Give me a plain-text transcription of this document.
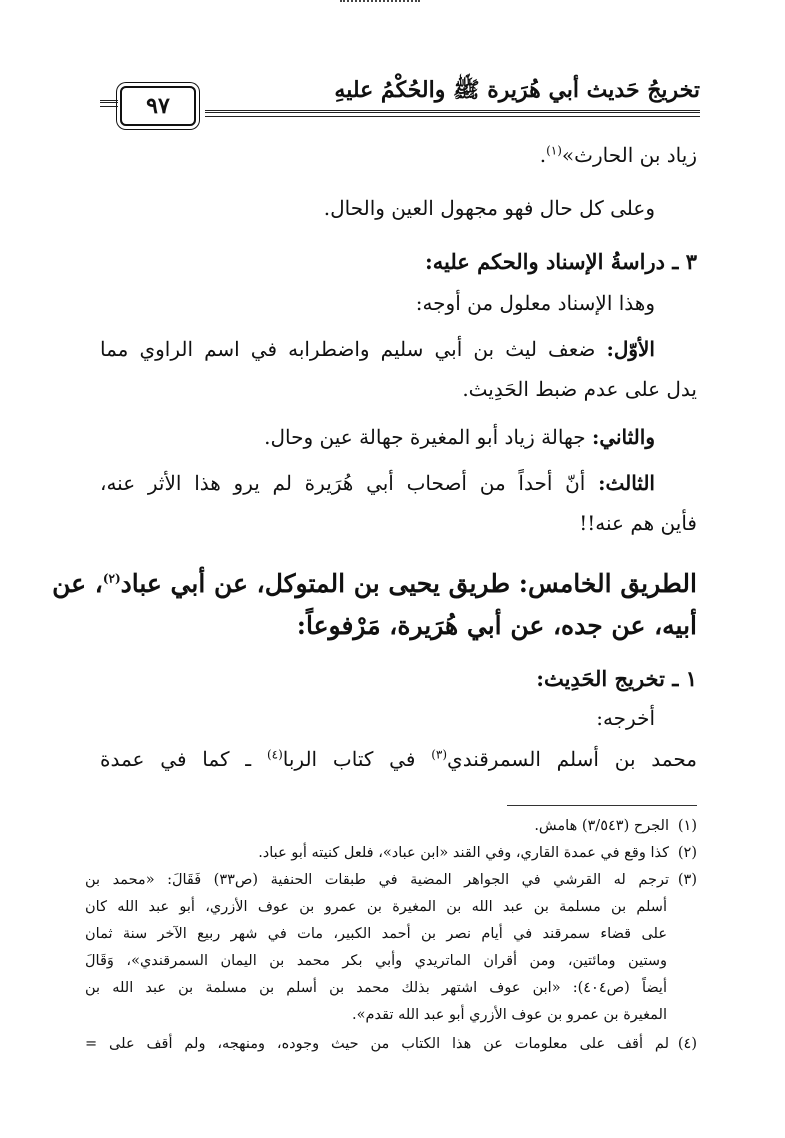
تخريجُ حَديث أبي هُرَيرة ﷺ والحُكْمُ عليهِ
٩٧
زياد بن الحارث»$^{(١)}$.
وعلى كل حال فهو مجهول العين والحال.
٣ ـ دراسةُ الإسناد والحكم عليه:
وهذا الإسناد معلول من أوجه:
الأوّل: ضعف ليث بن أبي سليم واضطرابه في اسم الراوي مما
يدل على عدم ضبط الحَدِيث.
والثاني: جهالة زياد أبو المغيرة جهالة عين وحال.
الثالث: أنّ أحداً من أصحاب أبي هُرَيرة لم يرو هذا الأثر عنه،
فأين هم عنه!!
الطريق الخامس: طريق يحيى بن المتوكل، عن أبي عباد$^{(٢)}$، عن
أبيه، عن جده، عن أبي هُرَيرة، مَرْفوعاً:
١ ـ تخريج الحَدِيث:
أخرجه:
محمد بن أسلم السمرقندي$^{(٣)}$ في كتاب الربا$^{(٤)}$ ـ كما في عمدة
(١)الجرح (٣/٥٤٣) هامش.
(٢)كذا وقع في عمدة القاري، وفي القند «ابن عباد»، فلعل كنيته أبو عباد.
(٣)ترجم له القرشي في الجواهر المضية في طبقات الحنفية (ص٣٣) فَقَالَ: «محمد بن
أسلم بن مسلمة بن عبد الله بن المغيرة بن عمرو بن عوف الأزري، أبو عبد الله كان
على قضاء سمرقند في أيام نصر بن أحمد الكبير، مات في شهر ربيع الآخر سنة ثمان
وستين ومائتين، ومن أقران الماتريدي وأبي بكر محمد بن اليمان السمرقندي»، وَقَالَ
أيضاً (ص٤٠٤): «ابن عوف اشتهر بذلك محمد بن أسلم بن مسلمة بن عبد الله بن
المغيرة بن عمرو بن عوف الأزري أبو عبد الله تقدم».
(٤)لم أقف على معلومات عن هذا الكتاب من حيث وجوده، ومنهجه، ولم أقف على =
